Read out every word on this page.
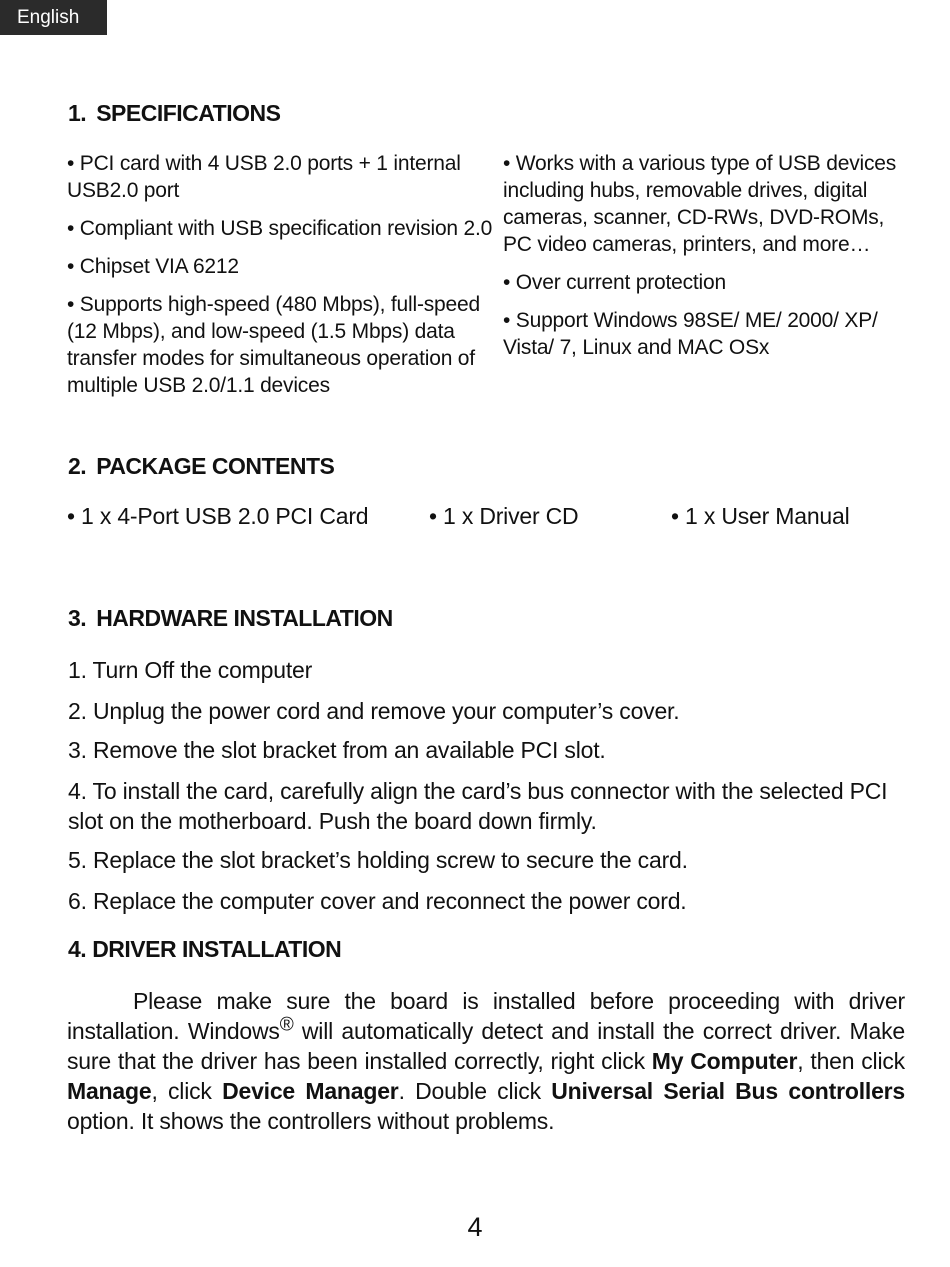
English
1. SPECIFICATIONS

• PCI card with 4 USB 2.0 ports + 1 internal USB2.0 port

• Compliant with USB specification revision 2.0

• Chipset VIA 6212

• Supports high-speed (480 Mbps), full-speed (12 Mbps), and low-speed (1.5 Mbps) data transfer modes for simultaneous operation of multiple USB 2.0/1.1 devices

• Works with a various type of USB devices including hubs, removable drives, digital cameras, scanner, CD-RWs, DVD-ROMs, PC video cameras, printers, and more…

• Over current protection

• Support Windows 98SE/ ME/ 2000/ XP/ Vista/ 7, Linux and MAC OSx

2. PACKAGE CONTENTS
• 1 x 4-Port USB 2.0 PCI Card	• 1 x Driver CD	• 1 x User Manual
3. HARDWARE INSTALLATION

1. Turn Off the computer

2. Unplug the power cord and remove your computer’s cover.

3. Remove the slot bracket from an available PCI slot.

4. To install the card, carefully align the card’s bus connector with the selected PCI slot on the motherboard. Push the board down firmly.

5. Replace the slot bracket’s holding screw to secure the card.

6. Replace the computer cover and reconnect the power cord.

4. DRIVER INSTALLATION

Please make sure the board is installed before proceeding with driver installation. Windows® will automatically detect and install the correct driver. Make sure that the driver has been installed correctly, right click My Computer, then click Manage, click Device Manager. Double click Universal Serial Bus controllers option. It shows the controllers without problems.

4
